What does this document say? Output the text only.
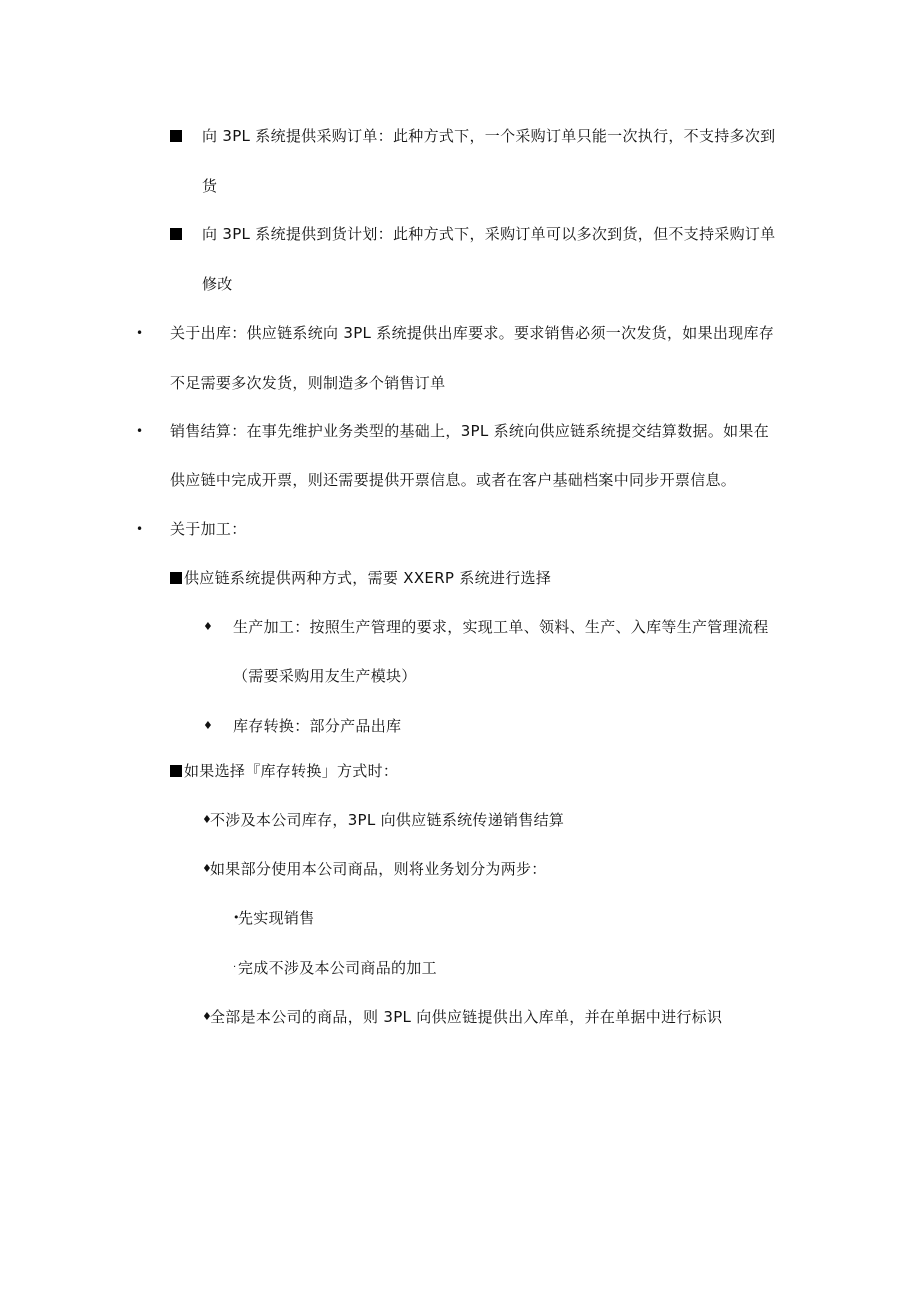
向 3PL 系统提供采购订单：此种方式下，一个采购订单只能一次执行，不支持多次到
货
向 3PL 系统提供到货计划：此种方式下，采购订单可以多次到货，但不支持采购订单
修改
• 关于出库：供应链系统向 3PL 系统提供出库要求。要求销售必须一次发货，如果出现库存
不足需要多次发货，则制造多个销售订单
• 销售结算：在事先维护业务类型的基础上，3PL 系统向供应链系统提交结算数据。如果在
供应链中完成开票，则还需要提供开票信息。或者在客户基础档案中同步开票信息。
• 关于加工：
供应链系统提供两种方式，需要 XXERP 系统进行选择
♦ 生产加工：按照生产管理的要求，实现工单、领料、生产、入库等生产管理流程
（需要采购用友生产模块）
♦ 库存转换：部分产品出库
如果选择『库存转换」方式时：
♦
不涉及本公司库存，3PL 向供应链系统传递销售结算
♦
如果部分使用本公司商品，则将业务划分为两步：
•
先实现销售
· 完成不涉及本公司商品的加工
♦
全部是本公司的商品，则 3PL 向供应链提供出入库单，并在单据中进行标识
